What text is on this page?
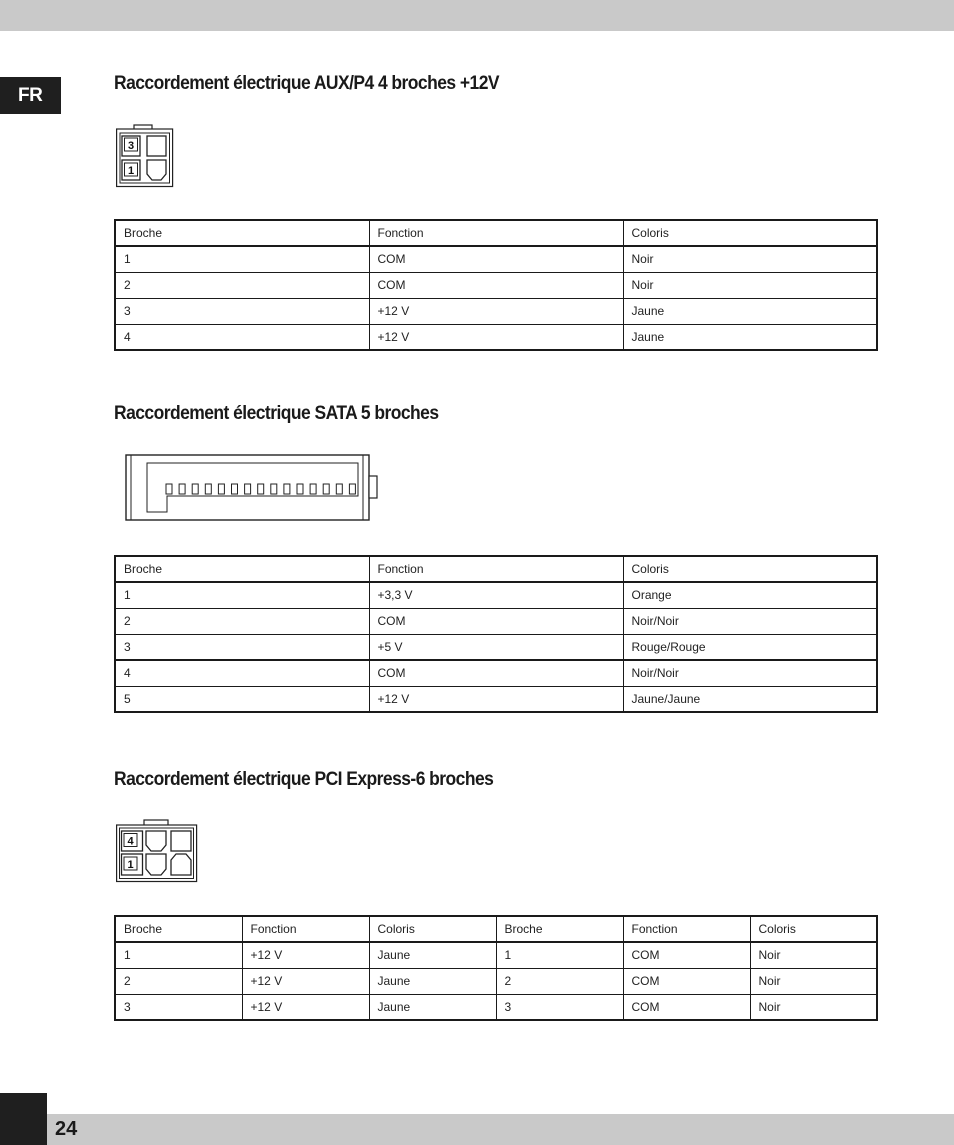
FR
Raccordement électrique AUX/P4 4 broches +12V
3
1
Broche	Fonction	Coloris
1	COM	Noir
2	COM	Noir
3	+12 V	Jaune
4	+12 V	Jaune
Raccordement électrique SATA 5 broches
Broche	Fonction	Coloris
1	+3,3 V	Orange
2	COM	Noir/Noir
3	+5 V	Rouge/Rouge
4	COM	Noir/Noir
5	+12 V	Jaune/Jaune
Raccordement électrique PCI Express-6 broches
4
1
Broche	Fonction	Coloris	Broche	Fonction	Coloris
1	+12 V	Jaune	1	COM	Noir
2	+12 V	Jaune	2	COM	Noir
3	+12 V	Jaune	3	COM	Noir
24
